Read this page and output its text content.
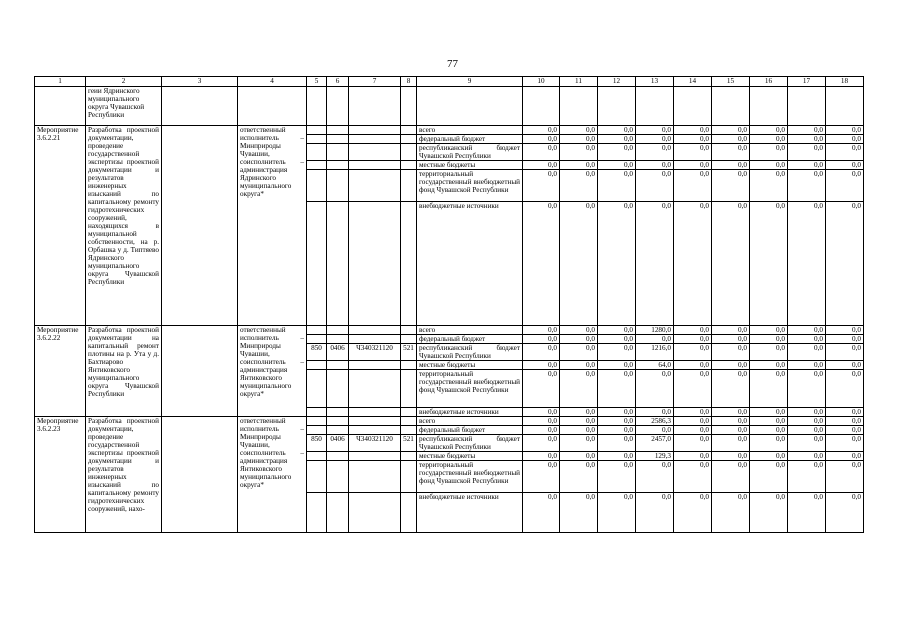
77
1	2	3	4	5	6	7	8	9	10	11	12	13	14	15	16	17	18
	геии Ядринского муниципального округа Чувашской Республики																
Мероприятие 3.6.2.21	Разработка проектной документации, проведение государственной экспертизы проектной документации и результатов инженерных изысканий по капитальному ремонту гидротехнических сооружений, находящихся в муниципальной собственности, на р. Орбашка у д. Типтяево Ядринского муниципального округа Чувашской Республики		ответственный исполнитель – Минприроды Чувашии, соисполнитель – администрация Ядринского муниципального округа*					всего	0,0	0,0	0,0	0,0	0,0	0,0	0,0	0,0	0,0
								федеральный бюджет	0,0	0,0	0,0	0,0	0,0	0,0	0,0	0,0	0,0
								республиканский бюджет Чувашской Республики	0,0	0,0	0,0	0,0	0,0	0,0	0,0	0,0	0,0
								местные бюджеты	0,0	0,0	0,0	0,0	0,0	0,0	0,0	0,0	0,0
								территориальный государственный внебюджетный фонд Чувашской Республики	0,0	0,0	0,0	0,0	0,0	0,0	0,0	0,0	0,0
								внебюджетные источники	0,0	0,0	0,0	0,0	0,0	0,0	0,0	0,0	0,0
Мероприятие 3.6.2.22	Разработка проектной документации на капитальный ремонт плотины на р. Ута у д. Бахтиарово Янтиковского муниципального округа Чувашской Республики		ответственный исполнитель – Минприроды Чувашии, соисполнитель – администрация Янтиковского муниципального округа*					всего	0,0	0,0	0,0	1280,0	0,0	0,0	0,0	0,0	0,0
								федеральный бюджет	0,0	0,0	0,0	0,0	0,0	0,0	0,0	0,0	0,0
				850	0406	Ч340321120	521	республиканский бюджет Чувашской Республики	0,0	0,0	0,0	1216,0	0,0	0,0	0,0	0,0	0,0
								местные бюджеты	0,0	0,0	0,0	64,0	0,0	0,0	0,0	0,0	0,0
								территориальный государственный внебюджетный фонд Чувашской Республики	0,0	0,0	0,0	0,0	0,0	0,0	0,0	0,0	0,0
								внебюджетные источники	0,0	0,0	0,0	0,0	0,0	0,0	0,0	0,0	0,0
Мероприятие 3.6.2.23	Разработка проектной документации, проведение государственной экспертизы проектной документации и результатов инженерных изысканий по капитальному ремонту гидротехнических сооружений, нахо-		ответственный исполнитель – Минприроды Чувашии, соисполнитель – администрация Янтиковского муниципального округа*					всего	0,0	0,0	0,0	2586,3	0,0	0,0	0,0	0,0	0,0
								федеральный бюджет	0,0	0,0	0,0	0,0	0,0	0,0	0,0	0,0	0,0
				850	0406	Ч340321120	521	республиканский бюджет Чувашской Республики	0,0	0,0	0,0	2457,0	0,0	0,0	0,0	0,0	0,0
								местные бюджеты	0,0	0,0	0,0	129,3	0,0	0,0	0,0	0,0	0,0
								территориальный государственный внебюджетный фонд Чувашской Республики	0,0	0,0	0,0	0,0	0,0	0,0	0,0	0,0	0,0
								внебюджетные источники	0,0	0,0	0,0	0,0	0,0	0,0	0,0	0,0	0,0
